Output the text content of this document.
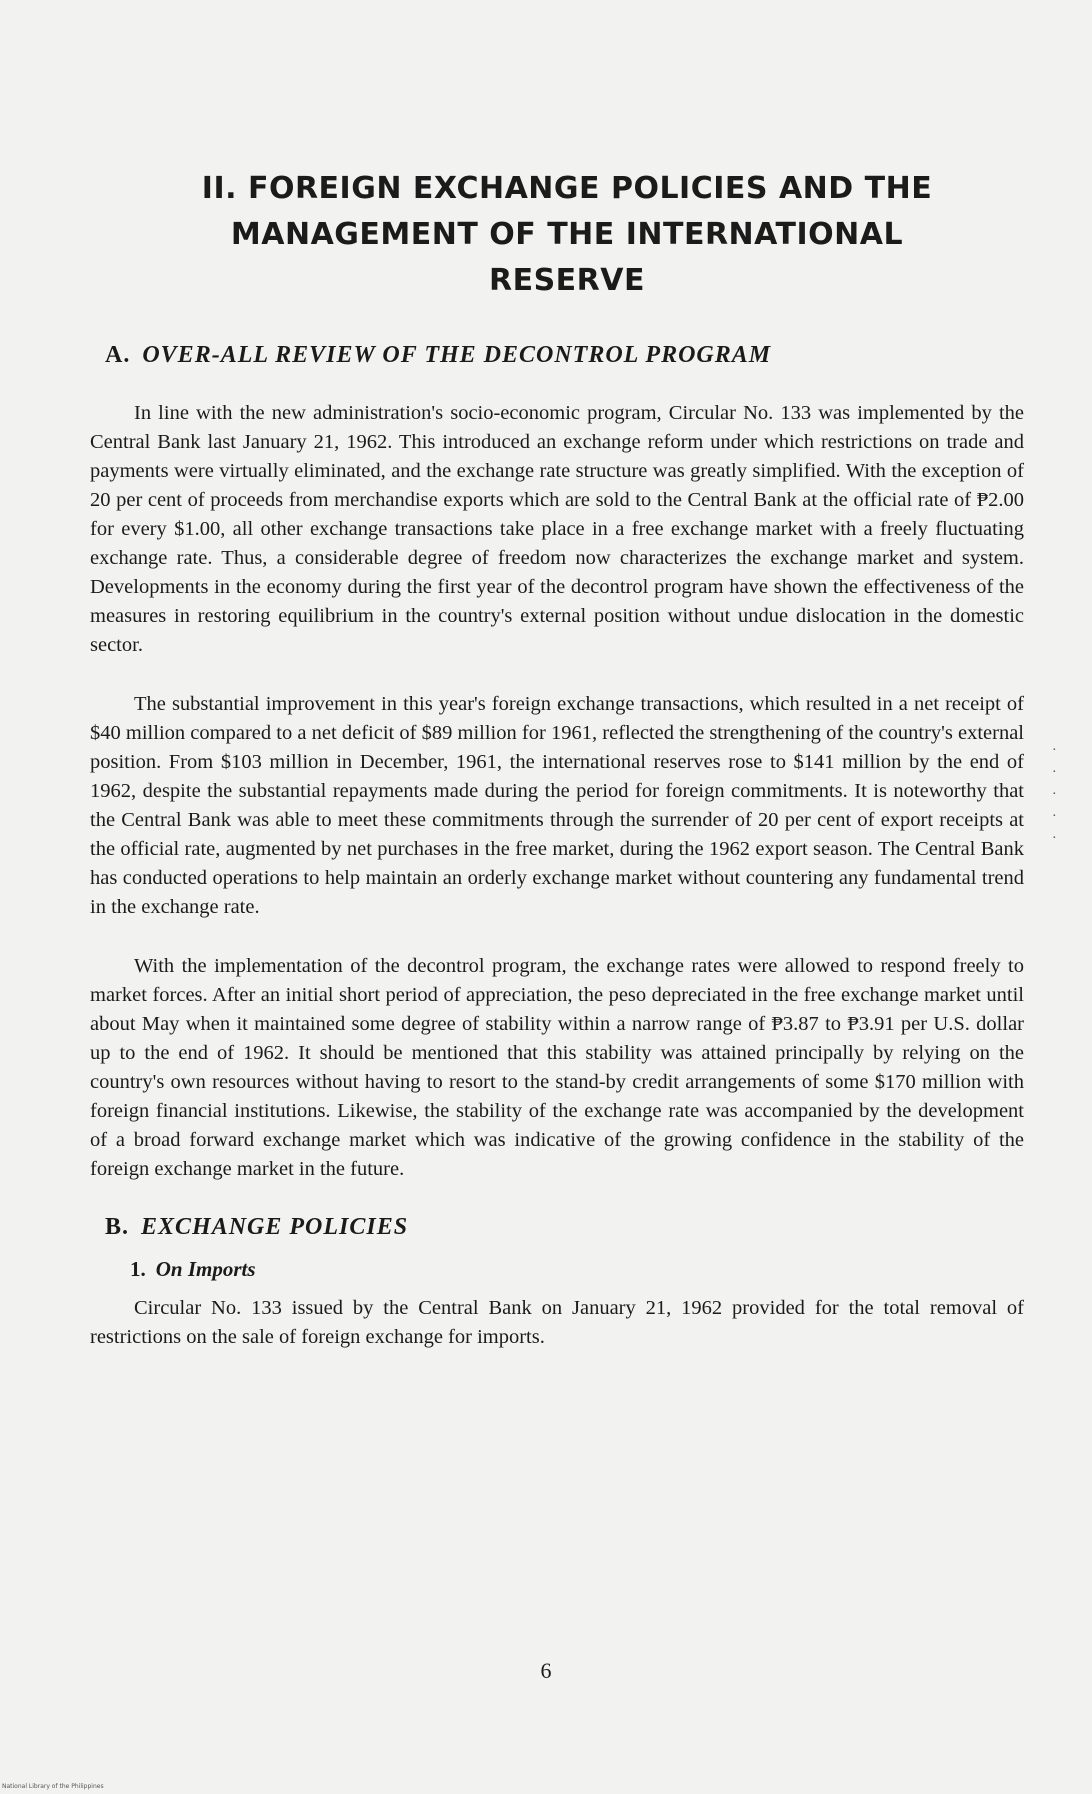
II. FOREIGN EXCHANGE POLICIES AND THE
MANAGEMENT OF THE INTERNATIONAL
RESERVE
A. OVER-ALL REVIEW OF THE DECONTROL PROGRAM

In line with the new administration's socio-economic program, Circular No. 133 was implemented by the Central Bank last January 21, 1962. This introduced an exchange reform under which restrictions on trade and payments were virtually eliminated, and the exchange rate structure was greatly simplified. With the exception of 20 per cent of proceeds from merchandise exports which are sold to the Central Bank at the official rate of ₱2.00 for every $1.00, all other exchange transactions take place in a free exchange market with a freely fluctuating exchange rate. Thus, a considerable degree of freedom now characterizes the exchange market and system. Developments in the economy during the first year of the decontrol program have shown the effectiveness of the measures in restoring equilibrium in the country's external position without undue dislocation in the domestic sector.

The substantial improvement in this year's foreign exchange transactions, which resulted in a net receipt of $40 million compared to a net deficit of $89 million for 1961, reflected the strengthening of the country's external position. From $103 million in December, 1961, the international reserves rose to $141 million by the end of 1962, despite the substantial repayments made during the period for foreign commitments. It is noteworthy that the Central Bank was able to meet these commitments through the surrender of 20 per cent of export receipts at the official rate, augmented by net purchases in the free market, during the 1962 export season. The Central Bank has conducted operations to help maintain an orderly exchange market without countering any fundamental trend in the exchange rate.

With the implementation of the decontrol program, the exchange rates were allowed to respond freely to market forces. After an initial short period of appreciation, the peso depreciated in the free exchange market until about May when it maintained some degree of stability within a narrow range of ₱3.87 to ₱3.91 per U.S. dollar up to the end of 1962. It should be mentioned that this stability was attained principally by relying on the country's own resources without having to resort to the stand-by credit arrangements of some $170 million with foreign financial institutions. Likewise, the stability of the exchange rate was accompanied by the development of a broad forward exchange market which was indicative of the growing confidence in the stability of the foreign exchange market in the future.

B. EXCHANGE POLICIES
1. On Imports

Circular No. 133 issued by the Central Bank on January 21, 1962 provided for the total removal of restrictions on the sale of foreign exchange for imports.

6
·
·
·
·
·
National Library of the Philippines
